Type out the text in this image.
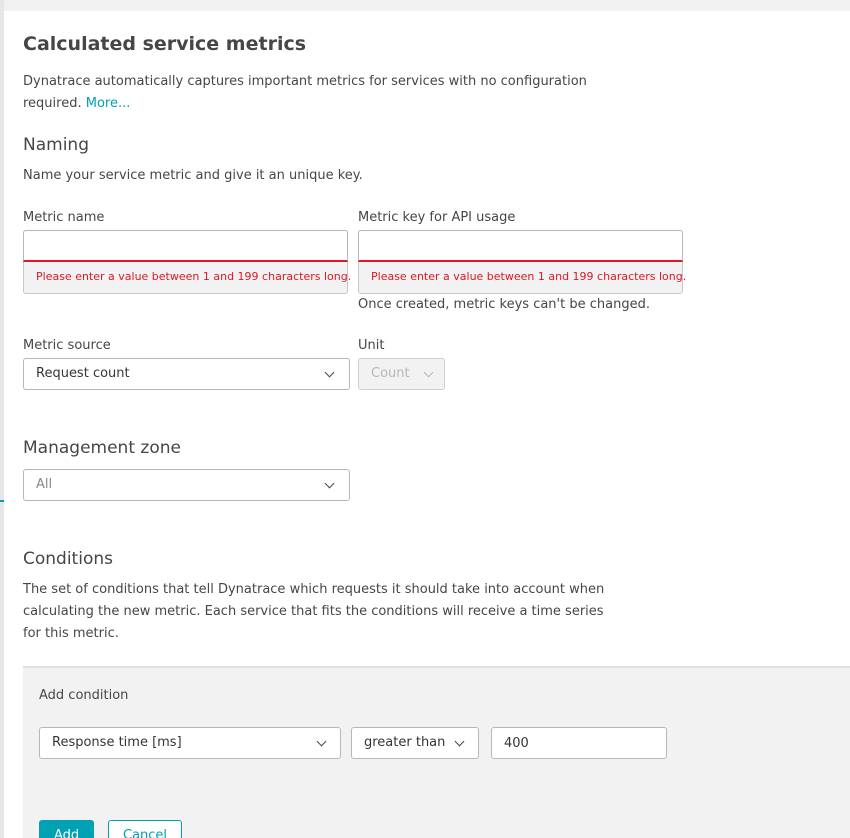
Calculated service metrics

Dynatrace automatically captures important metrics for services with no configuration required. More...

Naming

Name your service metric and give it an unique key.

Metric name
Please enter a value between 1 and 199 characters long.
Metric key for API usage
Please enter a value between 1 and 199 characters long.

Once created, metric keys can't be changed.

Metric source
Request count
Unit
Count
Management zone
All
Conditions

The set of conditions that tell Dynatrace which requests it should take into account when calculating the new metric. Each service that fits the conditions will receive a time series for this metric.

Add condition
Response time [ms]	greater than
400
Add	Cancel
